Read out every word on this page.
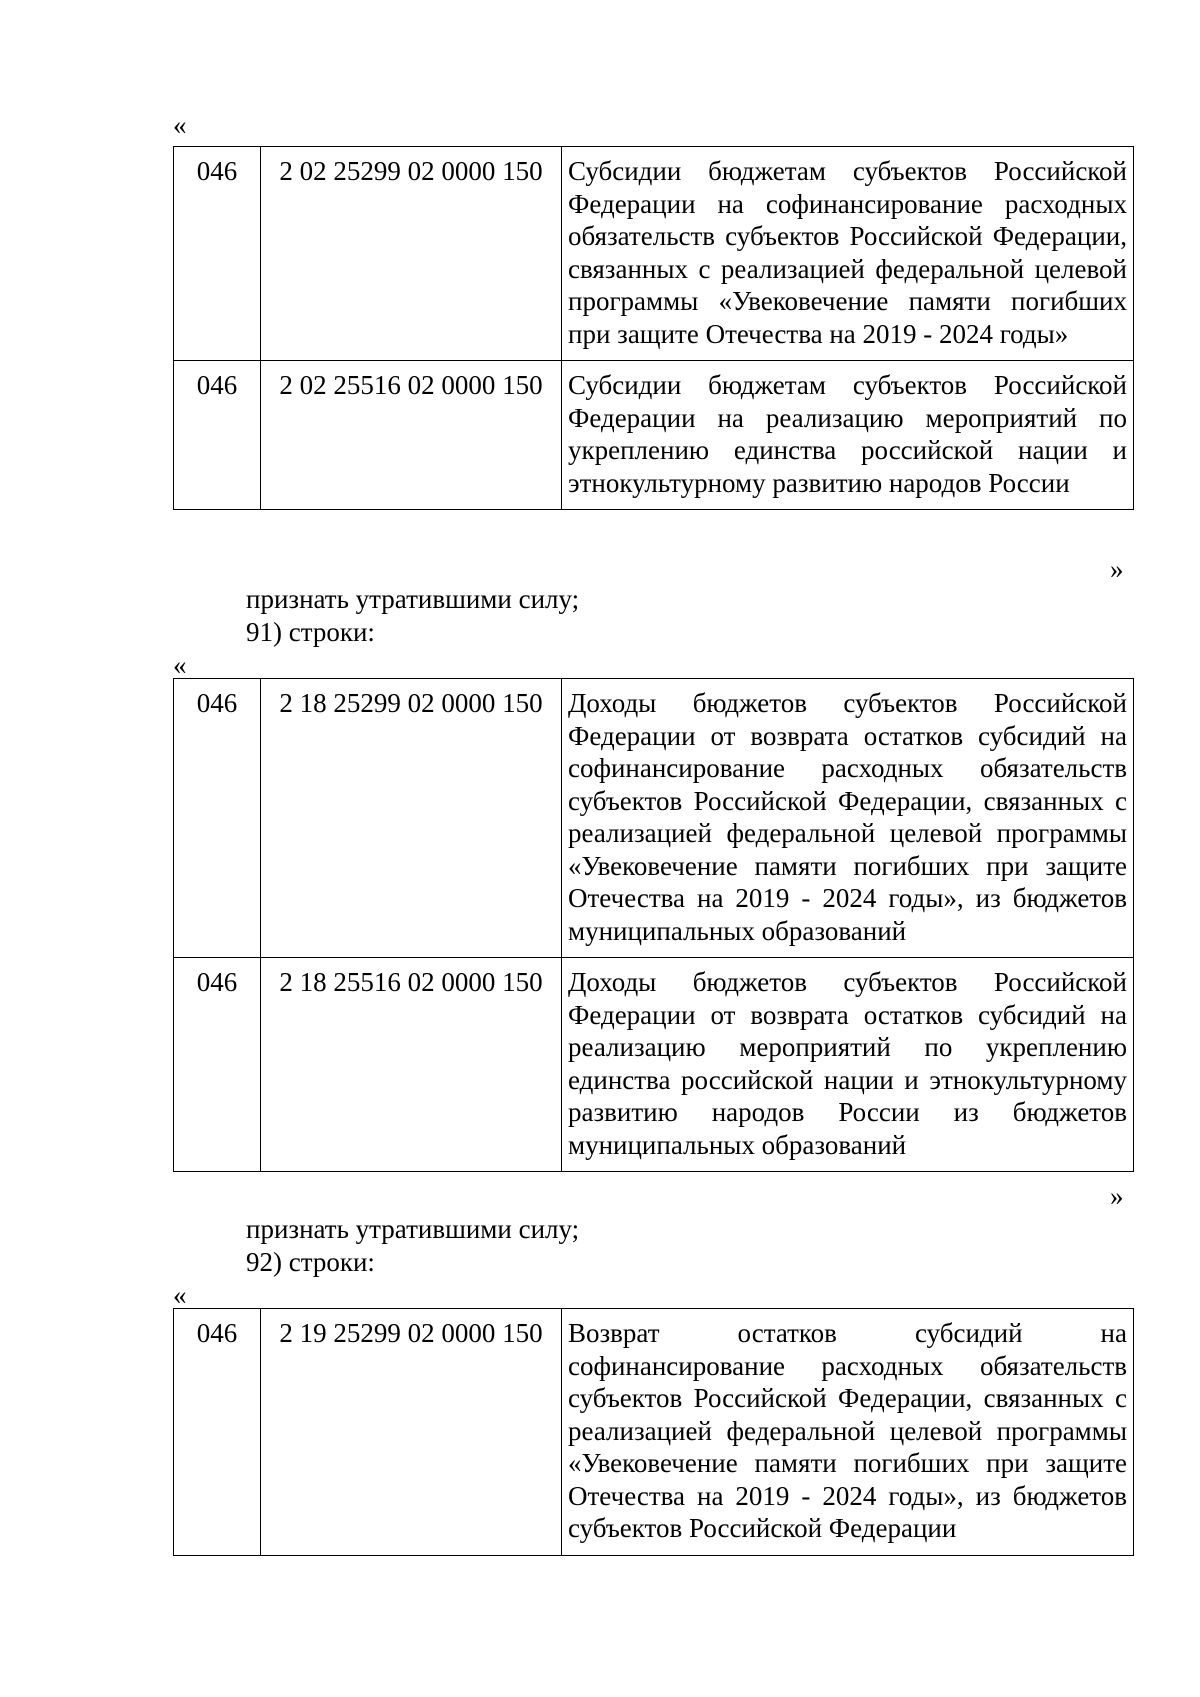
«
046	2 02 25299 02 0000 150	Субсидии бюджетам субъектов Российской Федерации на софинансирование расходных обязательств субъектов Российской Федерации, связанных с реализацией федеральной целевой программы «Увековечение памяти погибших при защите Отечества на 2019 - 2024 годы»
046	2 02 25516 02 0000 150	Субсидии бюджетам субъектов Российской Федерации на реализацию мероприятий по укреплению единства российской нации и этнокультурному развитию народов России
»
признать утратившими силу;
91) строки:
«
046	2 18 25299 02 0000 150	Доходы бюджетов субъектов Российской Федерации от возврата остатков субсидий на софинансирование расходных обязательств субъектов Российской Федерации, связанных с реализацией федеральной целевой программы «Увековечение памяти погибших при защите Отечества на 2019 - 2024 годы», из бюджетов муниципальных образований
046	2 18 25516 02 0000 150	Доходы бюджетов субъектов Российской Федерации от возврата остатков субсидий на реализацию мероприятий по укреплению единства российской нации и этнокультурному развитию народов России из бюджетов муниципальных образований
»
признать утратившими силу;
92) строки:
«
046	2 19 25299 02 0000 150	Возврат остатков субсидий на софинансирование расходных обязательств субъектов Российской Федерации, связанных с реализацией федеральной целевой программы «Увековечение памяти погибших при защите Отечества на 2019 - 2024 годы», из бюджетов субъектов Российской Федерации
